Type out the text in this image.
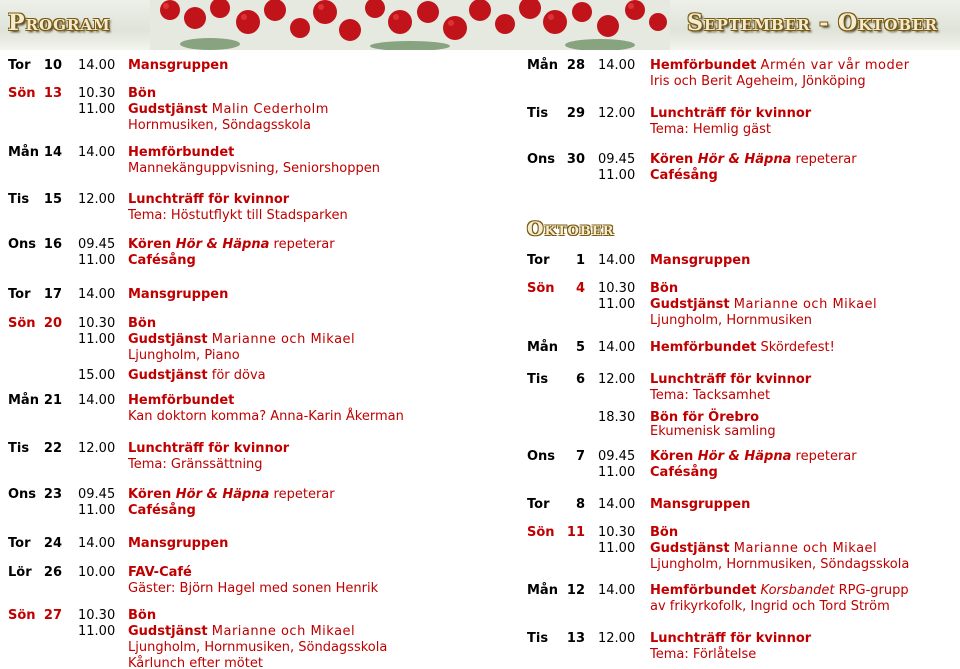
Program	September - Oktober
Tor	10 14.00 Mansgruppen
Sön 13 10.30 Bön
11.00 Gudstjänst Malin Cederholm
Hornmusiken, Söndagsskola
Mån 14 14.00 Hemförbundet
Mannekänguppvisning, Seniorshoppen
Tis	15 12.00 Lunchträff för kvinnor
Tema: Höstutflykt till Stadsparken
Ons 16 09.45 Kören Hör & Häpna repeterar
11.00 Cafésång
Tor	17 14.00 Mansgruppen
Sön 20 10.30 Bön
11.00 Gudstjänst Marianne och Mikael
Ljungholm, Piano
15.00 Gudstjänst för döva
Mån 21 14.00 Hemförbundet
Kan doktorn komma? Anna-Karin Åkerman
Tis	22 12.00 Lunchträff för kvinnor
Tema: Gränssättning
Ons 23 09.45 Kören Hör & Häpna repeterar
11.00 Cafésång
Tor	24 14.00 Mansgruppen
Lör 26 10.00 FAV-Café
Gäster: Björn Hagel med sonen Henrik
Sön 27 10.30 Bön
11.00 Gudstjänst Marianne och Mikael
Ljungholm, Hornmusiken, Söndagsskola
Kårlunch efter mötet
Mån 28 14.00 Hemförbundet Armén var vår moder
Iris och Berit Ageheim, Jönköping
Tis	29 12.00 Lunchträff för kvinnor
Tema: Hemlig gäst
Ons 30 09.45 Kören Hör & Häpna repeterar
11.00 Cafésång
Oktober
Tor	1 14.00 Mansgruppen
Sön	4 10.30 Bön
11.00 Gudstjänst Marianne och Mikael
Ljungholm, Hornmusiken
Mån	5 14.00 Hemförbundet Skördefest!
Tis	6 12.00 Lunchträff för kvinnor
Tema: Tacksamhet
18.30 Bön för Örebro
Ekumenisk samling
Ons	7 09.45 Kören Hör & Häpna repeterar
11.00 Cafésång
Tor	8 14.00 Mansgruppen
Sön 11 10.30 Bön
11.00 Gudstjänst Marianne och Mikael
Ljungholm, Hornmusiken, Söndagsskola
Mån 12 14.00 Hemförbundet Korsbandet RPG-grupp
av frikyrkofolk, Ingrid och Tord Ström
Tis	13 12.00 Lunchträff för kvinnor
Tema: Förlåtelse
